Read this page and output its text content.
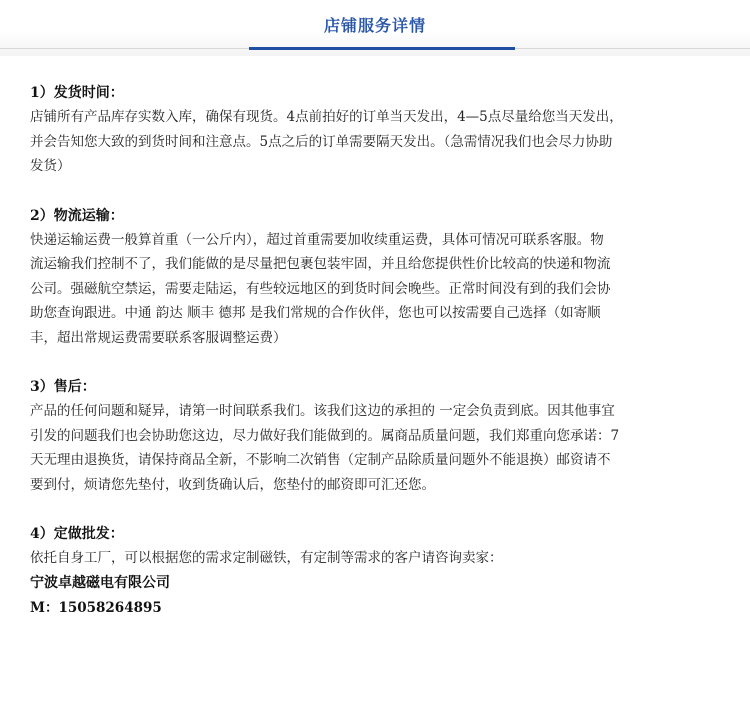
店铺服务详情
1）发货时间：
店铺所有产品库存实数入库，确保有现货。4点前拍好的订单当天发出，4—5点尽量给您当天发出，
并会告知您大致的到货时间和注意点。5点之后的订单需要隔天发出。（急需情况我们也会尽力协助
发货）
2）物流运输：
快递运输运费一般算首重（一公斤内），超过首重需要加收续重运费，具体可情况可联系客服。物
流运输我们控制不了，我们能做的是尽量把包裹包装牢固，并且给您提供性价比较高的快递和物流
公司。强磁航空禁运，需要走陆运，有些较远地区的到货时间会晚些。正常时间没有到的我们会协
助您查询跟进。中通 韵达 顺丰 德邦 是我们常规的合作伙伴，您也可以按需要自己选择（如寄顺
丰，超出常规运费需要联系客服调整运费）
3）售后：
产品的任何问题和疑异，请第一时间联系我们。该我们这边的承担的 一定会负责到底。因其他事宜
引发的问题我们也会协助您这边，尽力做好我们能做到的。属商品质量问题，我们郑重向您承诺：7
天无理由退换货，请保持商品全新，不影响二次销售（定制产品除质量问题外不能退换）邮资请不
要到付，烦请您先垫付，收到货确认后，您垫付的邮资即可汇还您。
4）定做批发：
依托自身工厂，可以根据您的需求定制磁铁，有定制等需求的客户请咨询卖家：
宁波卓越磁电有限公司
M：15058264895
